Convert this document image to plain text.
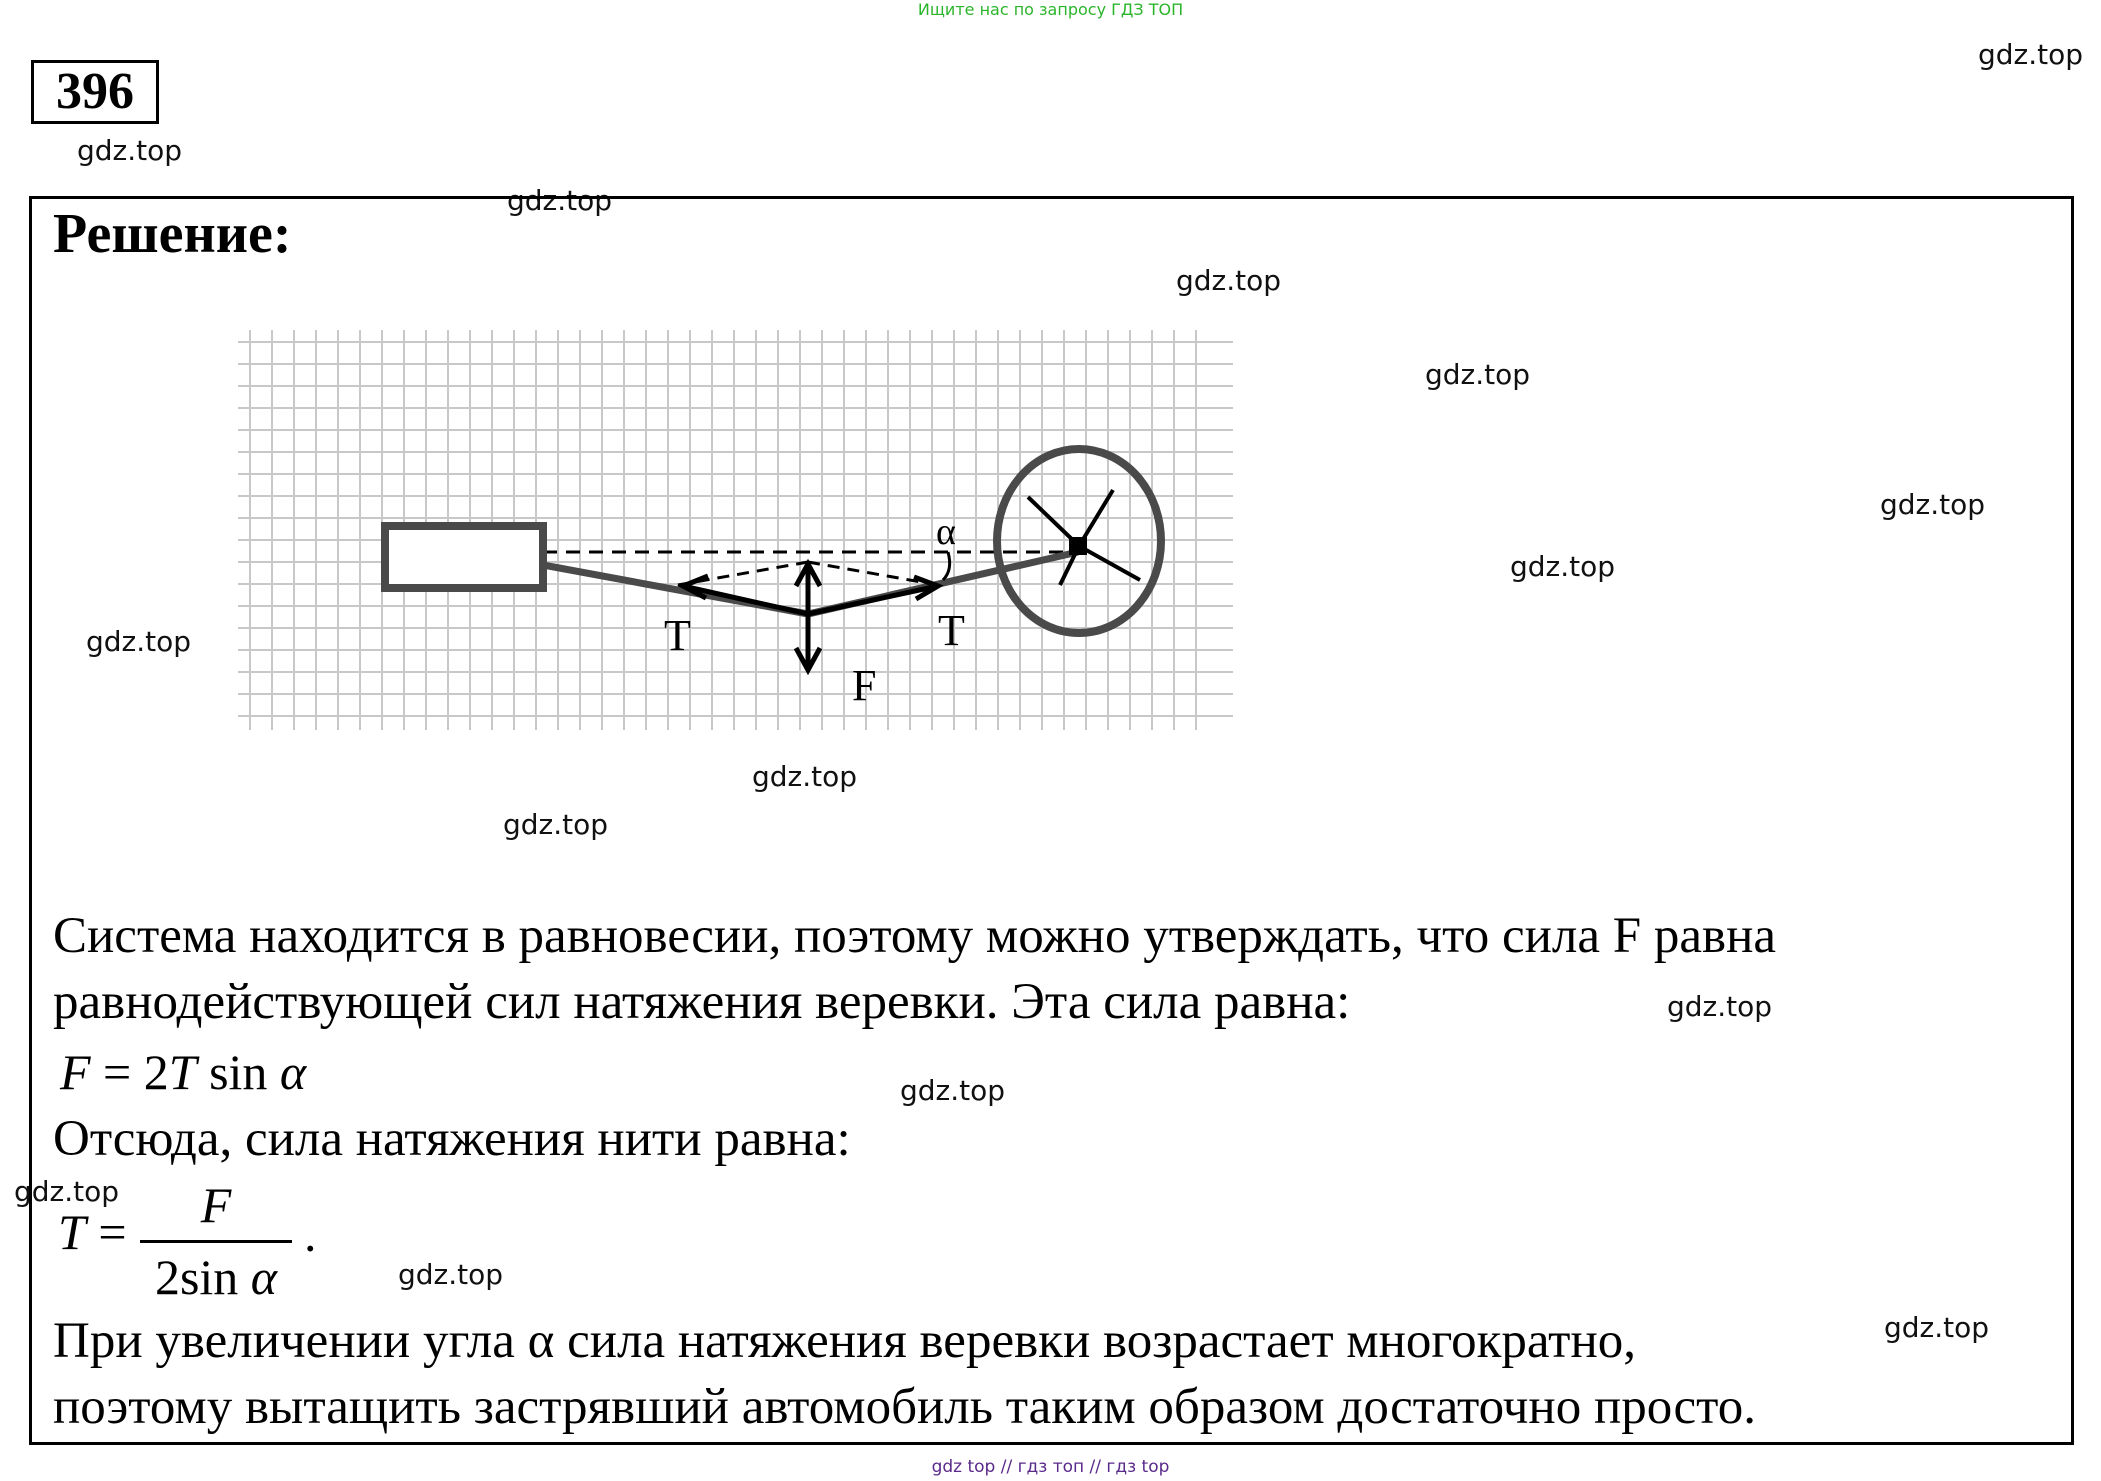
Ищите нас по запросу ГДЗ ТОП
396
gdz.top
gdz.top
gdz.top
gdz.top
gdz.top
gdz.top
gdz.top
gdz.top
gdz.top
gdz.top
gdz.top
gdz.top
gdz.top
gdz.top
gdz.top
Решение:
α
T	T
F
Система находится в равновесии, поэтому можно утверждать, что сила F равна
равнодействующей сил натяжения веревки. Эта сила равна:
F = 2T sin α
Отсюда, сила натяжения нити равна:
T =	F
2sin α
.
При увеличении угла α сила натяжения веревки возрастает многократно,
поэтому вытащить застрявший автомобиль таким образом достаточно просто.
gdz top // гдз топ // гдз top
